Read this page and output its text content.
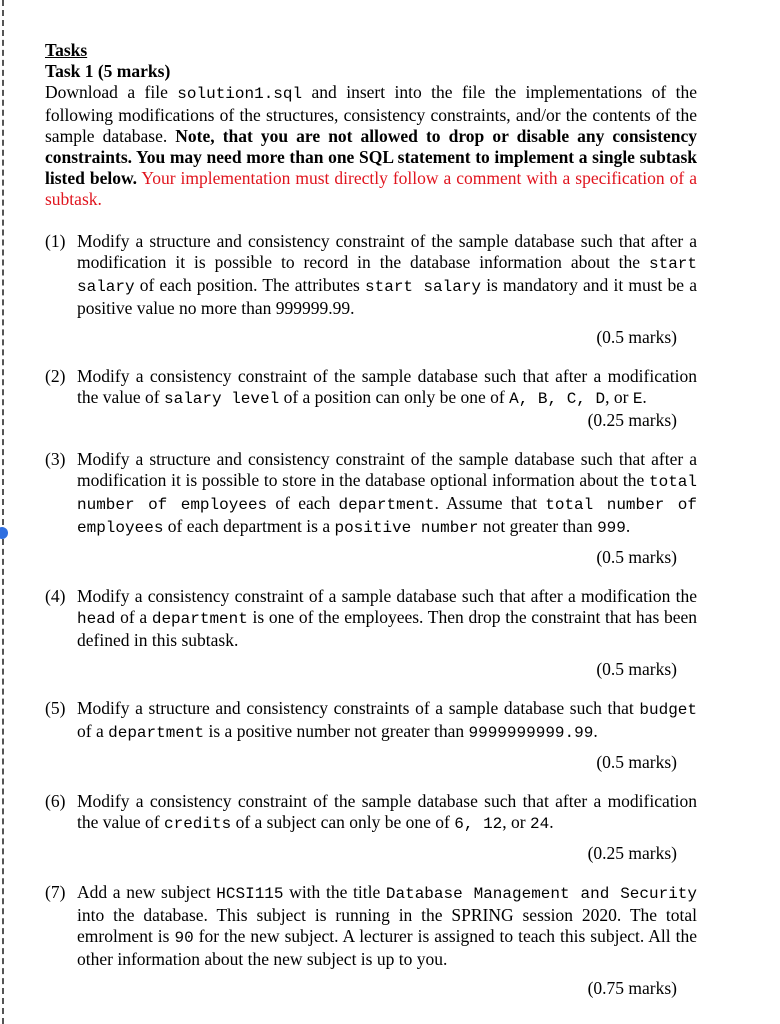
Tasks
Task 1 (5 marks)
Download a file solution1.sql and insert into the file the implementations of the following modifications of the structures, consistency constraints, and/or the contents of the sample database. Note, that you are not allowed to drop or disable any consistency constraints. You may need more than one SQL statement to implement a single subtask listed below. Your implementation must directly follow a comment with a specification of a subtask.
(1) Modify a structure and consistency constraint of the sample database such that after a modification it is possible to record in the database information about the start salary of each position. The attributes start salary is mandatory and it must be a positive value no more than 999999.99.
(0.5 marks)
(2) Modify a consistency constraint of the sample database such that after a modification the value of salary level of a position can only be one of A, B, C, D, or E.
(0.25 marks)
(3) Modify a structure and consistency constraint of the sample database such that after a modification it is possible to store in the database optional information about the total number of employees of each department. Assume that total number of employees of each department is a positive number not greater than 999.
(0.5 marks)
(4) Modify a consistency constraint of a sample database such that after a modification the head of a department is one of the employees. Then drop the constraint that has been defined in this subtask.
(0.5 marks)
(5) Modify a structure and consistency constraints of a sample database such that budget of a department is a positive number not greater than 9999999999.99.
(0.5 marks)
(6) Modify a consistency constraint of the sample database such that after a modification the value of credits of a subject can only be one of 6, 12, or 24.
(0.25 marks)
(7) Add a new subject HCSI115 with the title Database Management and Security into the database. This subject is running in the SPRING session 2020. The total emrolment is 90 for the new subject. A lecturer is assigned to teach this subject. All the other information about the new subject is up to you.
(0.75 marks)
